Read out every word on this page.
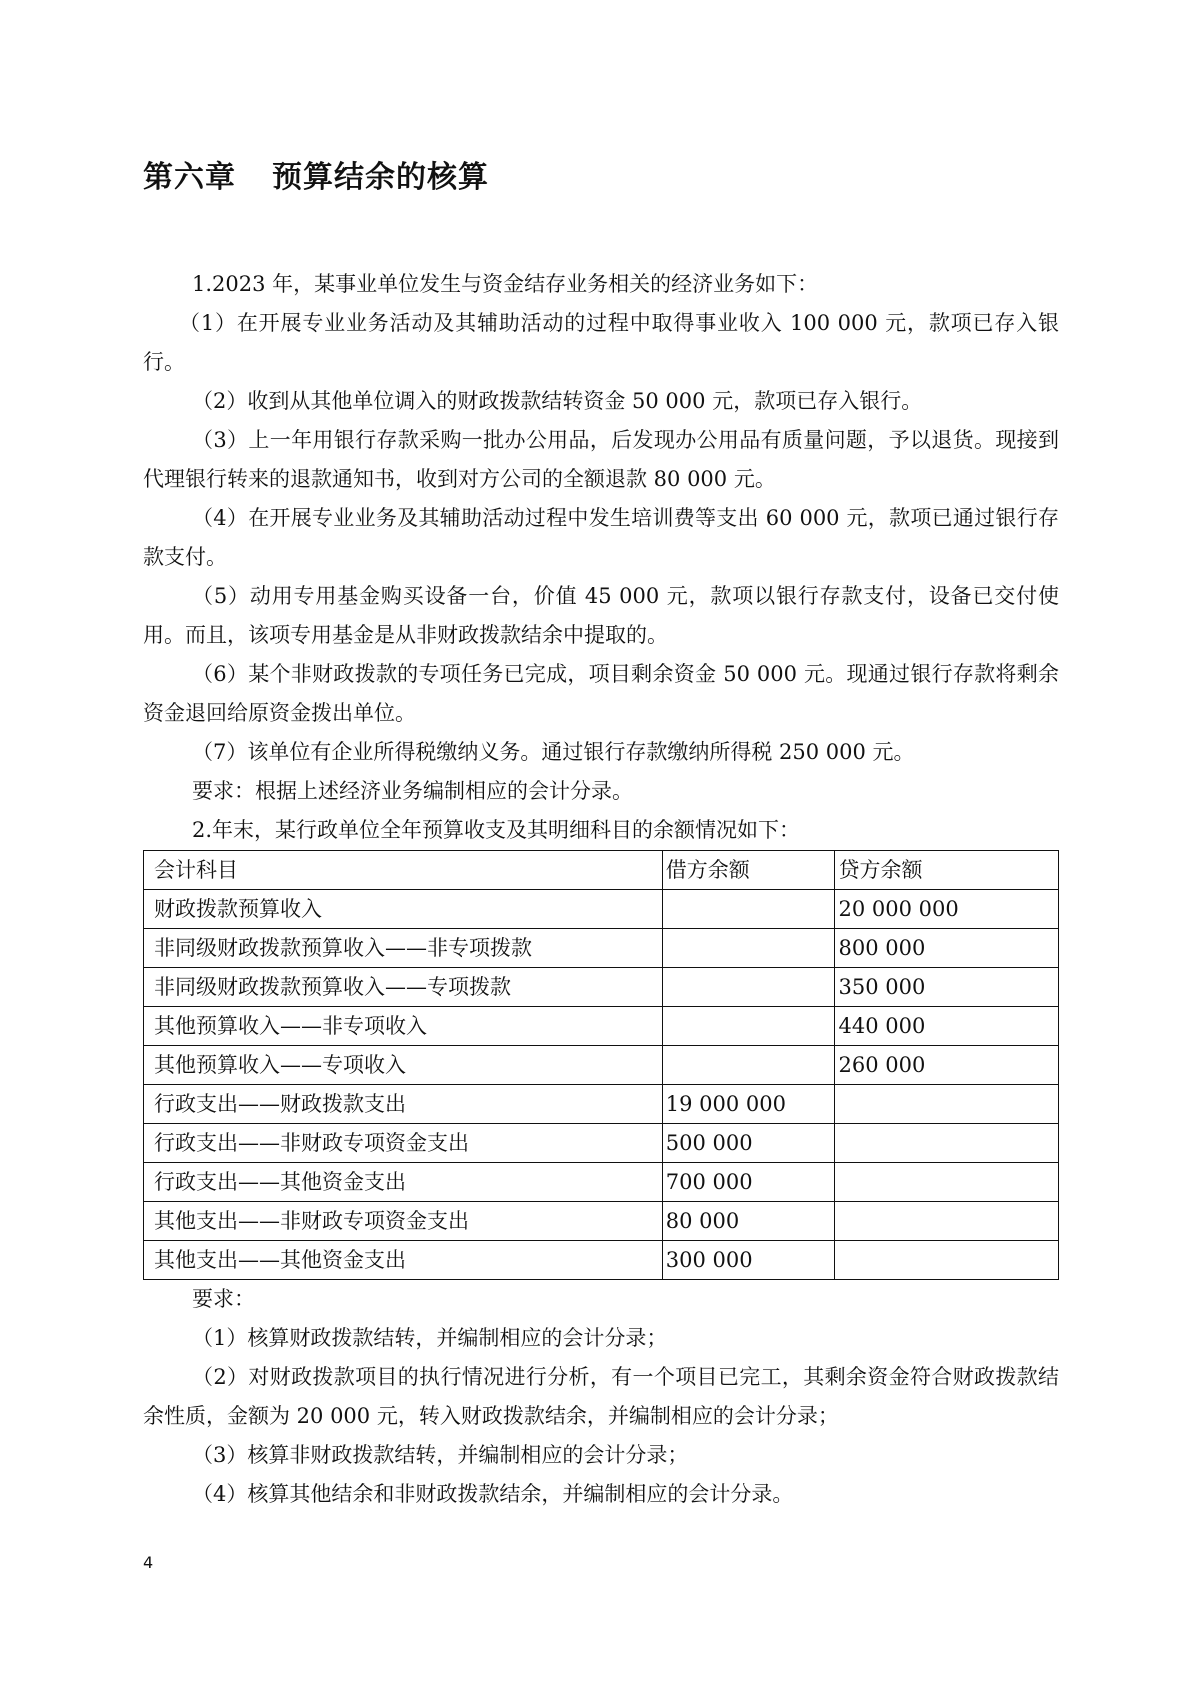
第六章 预算结余的核算

1.2023 年，某事业单位发生与资金结存业务相关的经济业务如下：

（1）在开展专业业务活动及其辅助活动的过程中取得事业收入 100 000 元，款项已存入银行。

（2）收到从其他单位调入的财政拨款结转资金 50 000 元，款项已存入银行。

（3）上一年用银行存款采购一批办公用品，后发现办公用品有质量问题，予以退货。现接到代理银行转来的退款通知书，收到对方公司的全额退款 80 000 元。

（4）在开展专业业务及其辅助活动过程中发生培训费等支出 60 000 元，款项已通过银行存款支付。

（5）动用专用基金购买设备一台，价值 45 000 元，款项以银行存款支付，设备已交付使用。而且，该项专用基金是从非财政拨款结余中提取的。

（6）某个非财政拨款的专项任务已完成，项目剩余资金 50 000 元。现通过银行存款将剩余资金退回给原资金拨出单位。

（7）该单位有企业所得税缴纳义务。通过银行存款缴纳所得税 250 000 元。

要求：根据上述经济业务编制相应的会计分录。

2.年末，某行政单位全年预算收支及其明细科目的余额情况如下：

会计科目	借方余额	贷方余额
财政拨款预算收入		20 000 000
非同级财政拨款预算收入——非专项拨款		800 000
非同级财政拨款预算收入——专项拨款		350 000
其他预算收入——非专项收入		440 000
其他预算收入——专项收入		260 000
行政支出——财政拨款支出	19 000 000	
行政支出——非财政专项资金支出	500 000	
行政支出——其他资金支出	700 000	
其他支出——非财政专项资金支出	80 000	
其他支出——其他资金支出	300 000	

要求：

（1）核算财政拨款结转，并编制相应的会计分录；

（2）对财政拨款项目的执行情况进行分析，有一个项目已完工，其剩余资金符合财政拨款结余性质，金额为 20 000 元，转入财政拨款结余，并编制相应的会计分录；

（3）核算非财政拨款结转，并编制相应的会计分录；

（4）核算其他结余和非财政拨款结余，并编制相应的会计分录。

4
